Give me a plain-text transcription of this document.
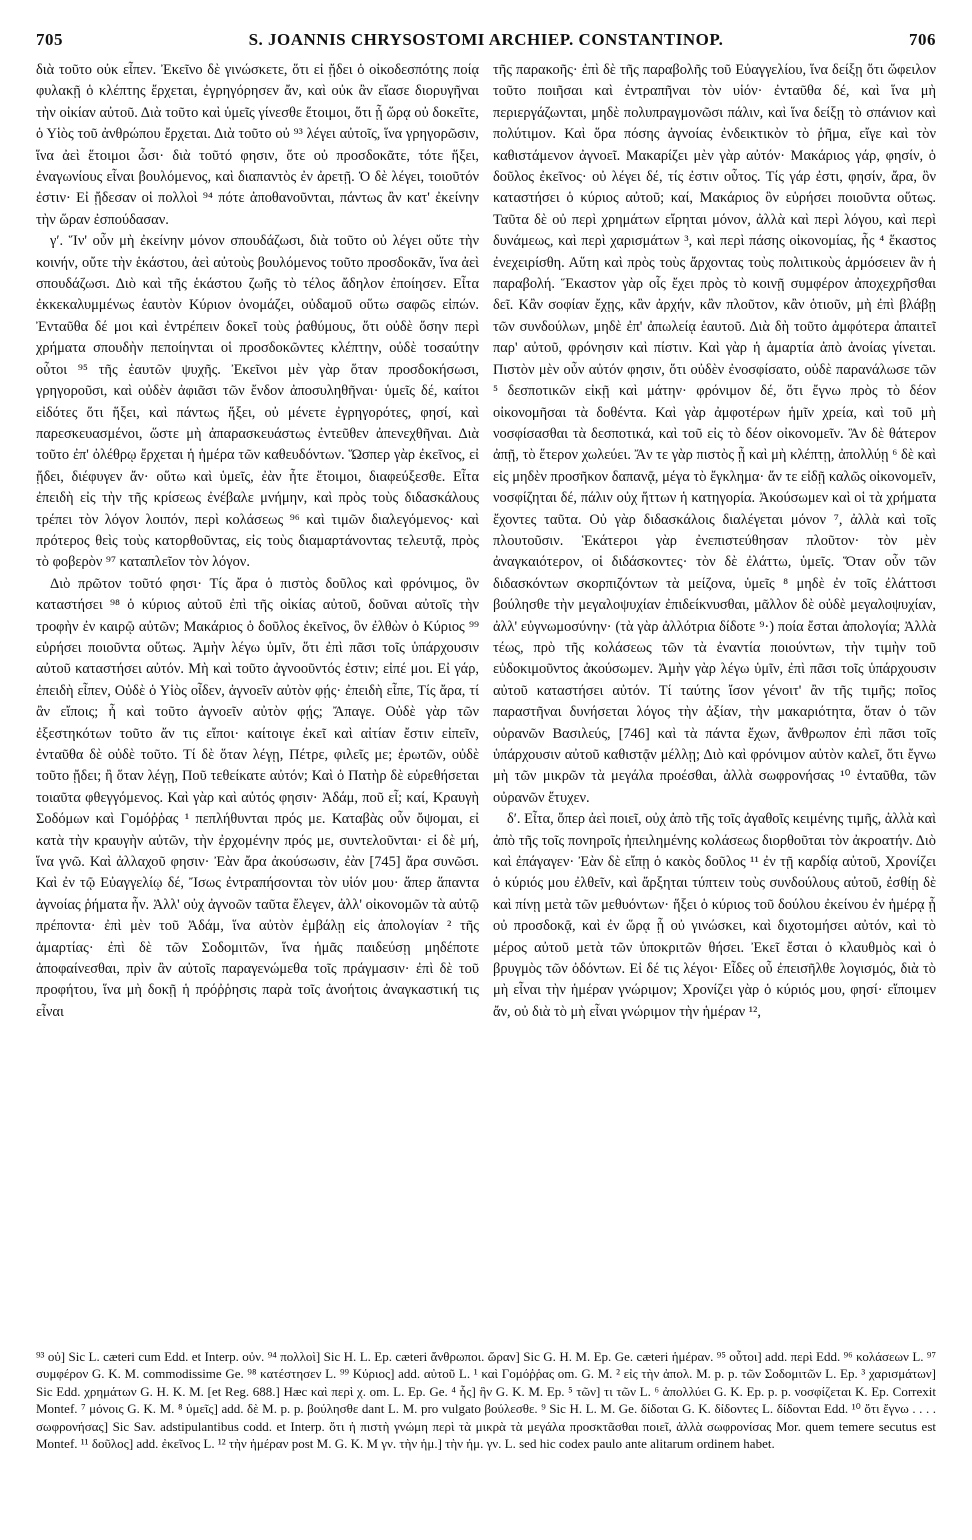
705	S. JOANNIS CHRYSOSTOMI ARCHIEP. CONSTANTINOP.	706

διὰ τοῦτο οὐκ εἶπεν. Ἐκεῖνο δὲ γινώσκετε, ὅτι εἰ ᾔδει ὁ οἰκοδεσπότης ποίᾳ φυλακῇ ὁ κλέπτης ἔρχεται, ἐγρηγόρησεν ἄν, καὶ οὐκ ἂν εἴασε διορυγῆναι τὴν οἰκίαν αὐτοῦ. Διὰ τοῦτο καὶ ὑμεῖς γίνεσθε ἕτοιμοι, ὅτι ᾗ ὥρᾳ οὐ δοκεῖτε, ὁ Υἱὸς τοῦ ἀνθρώπου ἔρχεται. Διὰ τοῦτο οὐ ⁹³ λέγει αὐτοῖς, ἵνα γρηγορῶσιν, ἵνα ἀεὶ ἕτοιμοι ὦσι· διὰ τοῦτό φησιν, ὅτε οὐ προσδοκᾶτε, τότε ἥξει, ἐναγωνίους εἶναι βουλόμενος, καὶ διαπαντὸς ἐν ἀρετῇ. Ὁ δὲ λέγει, τοιοῦτόν ἐστιν· Εἰ ᾔδεσαν οἱ πολλοὶ ⁹⁴ πότε ἀποθανοῦνται, πάντως ἂν κατ' ἐκείνην τὴν ὥραν ἐσπούδασαν.

γʹ. Ἵν' οὖν μὴ ἐκείνην μόνον σπουδάζωσι, διὰ τοῦτο οὐ λέγει οὔτε τὴν κοινήν, οὔτε τὴν ἑκάστου, ἀεὶ αὐτοὺς βουλόμενος τοῦτο προσδοκᾶν, ἵνα ἀεὶ σπουδάζωσι. Διὸ καὶ τῆς ἑκάστου ζωῆς τὸ τέλος ἄδηλον ἐποίησεν. Εἶτα ἐκκεκαλυμμένως ἑαυτὸν Κύριον ὀνομάζει, οὐδαμοῦ οὕτω σαφῶς εἰπών. Ἐνταῦθα δέ μοι καὶ ἐντρέπειν δοκεῖ τοὺς ῥαθύμους, ὅτι οὐδὲ ὅσην περὶ χρήματα σπουδὴν πεποίηνται οἱ προσδοκῶντες κλέπτην, οὐδὲ τοσαύτην οὗτοι ⁹⁵ τῆς ἑαυτῶν ψυχῆς. Ἐκεῖνοι μὲν γὰρ ὅταν προσδοκήσωσι, γρηγοροῦσι, καὶ οὐδὲν ἀφιᾶσι τῶν ἔνδον ἀποσυληθῆναι· ὑμεῖς δέ, καίτοι εἰδότες ὅτι ἥξει, καὶ πάντως ἥξει, οὐ μένετε ἐγρηγορότες, φησί, καὶ παρεσκευασμένοι, ὥστε μὴ ἀπαρασκευάστως ἐντεῦθεν ἀπενεχθῆναι. Διὰ τοῦτο ἐπ' ὀλέθρῳ ἔρχεται ἡ ἡμέρα τῶν καθευδόντων. Ὥσπερ γὰρ ἐκεῖνος, εἰ ᾔδει, διέφυγεν ἄν· οὕτω καὶ ὑμεῖς, ἐὰν ἦτε ἕτοιμοι, διαφεύξεσθε. Εἶτα ἐπειδὴ εἰς τὴν τῆς κρίσεως ἐνέβαλε μνήμην, καὶ πρὸς τοὺς διδασκάλους τρέπει τὸν λόγον λοιπόν, περὶ κολάσεως ⁹⁶ καὶ τιμῶν διαλεγόμενος· καὶ πρότερος θεὶς τοὺς κατορθοῦντας, εἰς τοὺς διαμαρτάνοντας τελευτᾷ, πρὸς τὸ φοβερὸν ⁹⁷ καταπλεῖον τὸν λόγον.

Διὸ πρῶτον τοῦτό φησι· Τίς ἄρα ὁ πιστὸς δοῦλος καὶ φρόνιμος, ὃν καταστήσει ⁹⁸ ὁ κύριος αὐτοῦ ἐπὶ τῆς οἰκίας αὐτοῦ, δοῦναι αὐτοῖς τὴν τροφὴν ἐν καιρῷ αὐτῶν; Μακάριος ὁ δοῦλος ἐκεῖνος, ὃν ἐλθὼν ὁ Κύριος ⁹⁹ εὑρήσει ποιοῦντα οὕτως. Ἀμὴν λέγω ὑμῖν, ὅτι ἐπὶ πᾶσι τοῖς ὑπάρχουσιν αὐτοῦ καταστήσει αὐτόν. Μὴ καὶ τοῦτο ἀγνοοῦντός ἐστιν; εἰπέ μοι. Εἰ γάρ, ἐπειδὴ εἶπεν, Οὐδὲ ὁ Υἱὸς οἶδεν, ἀγνοεῖν αὐτὸν φῄς· ἐπειδὴ εἶπε, Τίς ἄρα, τί ἂν εἴποις; ἦ καὶ τοῦτο ἀγνοεῖν αὐτὸν φῄς; Ἄπαγε. Οὐδὲ γὰρ τῶν ἐξεστηκότων τοῦτο ἄν τις εἴποι· καίτοιγε ἐκεῖ καὶ αἰτίαν ἔστιν εἰπεῖν, ἐνταῦθα δὲ οὐδὲ τοῦτο. Τί δὲ ὅταν λέγῃ, Πέτρε, φιλεῖς με; ἐρωτῶν, οὐδὲ τοῦτο ᾔδει; ἢ ὅταν λέγῃ, Ποῦ τεθείκατε αὐτόν; Καὶ ὁ Πατὴρ δὲ εὑρεθήσεται τοιαῦτα φθεγγόμενος. Καὶ γὰρ καὶ αὐτός φησιν· Ἀδάμ, ποῦ εἶ; καί, Κραυγὴ Σοδόμων καὶ Γομόῤῥας ¹ πεπλήθυνται πρός με. Καταβὰς οὖν ὄψομαι, εἰ κατὰ τὴν κραυγὴν αὐτῶν, τὴν ἐρχομένην πρός με, συντελοῦνται· εἰ δὲ μή, ἵνα γνῶ. Καὶ ἀλλαχοῦ φησιν· Ἐὰν ἄρα ἀκούσωσιν, ἐὰν [745] ἄρα συνῶσι. Καὶ ἐν τῷ Εὐαγγελίῳ δέ, Ἴσως ἐντραπήσονται τὸν υἱόν μου· ἅπερ ἅπαντα ἀγνοίας ῥήματα ἦν. Ἀλλ' οὐχ ἀγνοῶν ταῦτα ἔλεγεν, ἀλλ' οἰκονομῶν τὰ αὐτῷ πρέποντα· ἐπὶ μὲν τοῦ Ἀδάμ, ἵνα αὐτὸν ἐμβάλῃ εἰς ἀπολογίαν ² τῆς ἁμαρτίας· ἐπὶ δὲ τῶν Σοδομιτῶν, ἵνα ἡμᾶς παιδεύσῃ μηδέποτε ἀποφαίνεσθαι, πρὶν ἂν αὐτοῖς παραγενώμεθα τοῖς πράγμασιν· ἐπὶ δὲ τοῦ προφήτου, ἵνα μὴ δοκῇ ἡ πρόῤῥησις παρὰ τοῖς ἀνοήτοις ἀναγκαστική τις εἶναι

τῆς παρακοῆς· ἐπὶ δὲ τῆς παραβολῆς τοῦ Εὐαγγελίου, ἵνα δείξῃ ὅτι ὤφειλον τοῦτο ποιῆσαι καὶ ἐντραπῆναι τὸν υἱόν· ἐνταῦθα δέ, καὶ ἵνα μὴ περιεργάζωνται, μηδὲ πολυπραγμονῶσι πάλιν, καὶ ἵνα δείξῃ τὸ σπάνιον καὶ πολύτιμον. Καὶ ὅρα πόσης ἀγνοίας ἐνδεικτικὸν τὸ ῥῆμα, εἴγε καὶ τὸν καθιστάμενον ἀγνοεῖ. Μακαρίζει μὲν γὰρ αὐτόν· Μακάριος γάρ, φησίν, ὁ δοῦλος ἐκεῖνος· οὐ λέγει δέ, τίς ἐστιν οὗτος. Τίς γάρ ἐστι, φησίν, ἄρα, ὃν καταστήσει ὁ κύριος αὐτοῦ; καί, Μακάριος ὃν εὑρήσει ποιοῦντα οὕτως. Ταῦτα δὲ οὐ περὶ χρημάτων εἴρηται μόνον, ἀλλὰ καὶ περὶ λόγου, καὶ περὶ δυνάμεως, καὶ περὶ χαρισμάτων ³, καὶ περὶ πάσης οἰκονομίας, ἧς ⁴ ἕκαστος ἐνεχειρίσθη. Αὕτη καὶ πρὸς τοὺς ἄρχοντας τοὺς πολιτικοὺς ἁρμόσειεν ἂν ἡ παραβολή. Ἕκαστον γὰρ οἷς ἔχει πρὸς τὸ κοινῇ συμφέρον ἀποχεχρῆσθαι δεῖ. Κἂν σοφίαν ἔχῃς, κἂν ἀρχήν, κἂν πλοῦτον, κἂν ὁτιοῦν, μὴ ἐπὶ βλάβῃ τῶν συνδούλων, μηδὲ ἐπ' ἀπωλείᾳ ἑαυτοῦ. Διὰ δὴ τοῦτο ἀμφότερα ἀπαιτεῖ παρ' αὐτοῦ, φρόνησιν καὶ πίστιν. Καὶ γὰρ ἡ ἁμαρτία ἀπὸ ἀνοίας γίνεται. Πιστὸν μὲν οὖν αὐτόν φησιν, ὅτι οὐδὲν ἐνοσφίσατο, οὐδὲ παρανάλωσε τῶν ⁵ δεσποτικῶν εἰκῇ καὶ μάτην· φρόνιμον δέ, ὅτι ἔγνω πρὸς τὸ δέον οἰκονομῆσαι τὰ δοθέντα. Καὶ γὰρ ἀμφοτέρων ἡμῖν χρεία, καὶ τοῦ μὴ νοσφίσασθαι τὰ δεσποτικά, καὶ τοῦ εἰς τὸ δέον οἰκονομεῖν. Ἂν δὲ θάτερον ἀπῇ, τὸ ἕτερον χωλεύει. Ἄν τε γὰρ πιστὸς ᾖ καὶ μὴ κλέπτῃ, ἀπολλύῃ ⁶ δὲ καὶ εἰς μηδὲν προσῆκον δαπανᾷ, μέγα τὸ ἔγκλημα· ἄν τε εἰδῇ καλῶς οἰκονομεῖν, νοσφίζηται δέ, πάλιν οὐχ ἥττων ἡ κατηγορία. Ἀκούσωμεν καὶ οἱ τὰ χρήματα ἔχοντες ταῦτα. Οὐ γὰρ διδασκάλοις διαλέγεται μόνον ⁷, ἀλλὰ καὶ τοῖς πλουτοῦσιν. Ἑκάτεροι γὰρ ἐνεπιστεύθησαν πλοῦτον· τὸν μὲν ἀναγκαιότερον, οἱ διδάσκοντες· τὸν δὲ ἐλάττω, ὑμεῖς. Ὅταν οὖν τῶν διδασκόντων σκορπιζόντων τὰ μείζονα, ὑμεῖς ⁸ μηδὲ ἐν τοῖς ἐλάττοσι βούλησθε τὴν μεγαλοψυχίαν ἐπιδείκνυσθαι, μᾶλλον δὲ οὐδὲ μεγαλοψυχίαν, ἀλλ' εὐγνωμοσύνην· (τὰ γὰρ ἀλλότρια δίδοτε ⁹·) ποία ἔσται ἀπολογία; Ἀλλὰ τέως, πρὸ τῆς κολάσεως τῶν τὰ ἐναντία ποιούντων, τὴν τιμὴν τοῦ εὐδοκιμοῦντος ἀκούσωμεν. Ἀμὴν γὰρ λέγω ὑμῖν, ἐπὶ πᾶσι τοῖς ὑπάρχουσιν αὐτοῦ καταστήσει αὐτόν. Τί ταύτης ἴσον γένοιτ' ἂν τῆς τιμῆς; ποῖος παραστῆναι δυνήσεται λόγος τὴν ἀξίαν, τὴν μακαριότητα, ὅταν ὁ τῶν οὐρανῶν Βασιλεύς, [746] καὶ τὰ πάντα ἔχων, ἄνθρωπον ἐπὶ πᾶσι τοῖς ὑπάρχουσιν αὐτοῦ καθιστᾷν μέλλῃ; Διὸ καὶ φρόνιμον αὐτὸν καλεῖ, ὅτι ἔγνω μὴ τῶν μικρῶν τὰ μεγάλα προέσθαι, ἀλλὰ σωφρονήσας ¹⁰ ἐνταῦθα, τῶν οὐρανῶν ἔτυχεν.

δʹ. Εἶτα, ὅπερ ἀεὶ ποιεῖ, οὐχ ἀπὸ τῆς τοῖς ἀγαθοῖς κειμένης τιμῆς, ἀλλὰ καὶ ἀπὸ τῆς τοῖς πονηροῖς ἠπειλημένης κολάσεως διορθοῦται τὸν ἀκροατήν. Διὸ καὶ ἐπάγαγεν· Ἐὰν δὲ εἴπῃ ὁ κακὸς δοῦλος ¹¹ ἐν τῇ καρδίᾳ αὐτοῦ, Χρονίζει ὁ κύριός μου ἐλθεῖν, καὶ ἄρξηται τύπτειν τοὺς συνδούλους αὐτοῦ, ἐσθίῃ δὲ καὶ πίνῃ μετὰ τῶν μεθυόντων· ἥξει ὁ κύριος τοῦ δούλου ἐκείνου ἐν ἡμέρᾳ ᾗ οὐ προσδοκᾷ, καὶ ἐν ὥρᾳ ᾗ οὐ γινώσκει, καὶ διχοτομήσει αὐτόν, καὶ τὸ μέρος αὐτοῦ μετὰ τῶν ὑποκριτῶν θήσει. Ἐκεῖ ἔσται ὁ κλαυθμὸς καὶ ὁ βρυγμὸς τῶν ὀδόντων. Εἰ δέ τις λέγοι· Εἶδες οὗ ἐπεισῆλθε λογισμός, διὰ τὸ μὴ εἶναι τὴν ἡμέραν γνώριμον; Χρονίζει γὰρ ὁ κύριός μου, φησί· εἴποιμεν ἄν, οὐ διὰ τὸ μὴ εἶναι γνώριμον τὴν ἡμέραν ¹²,

⁹³ οὐ] Sic L. cæteri cum Edd. et Interp. οὐν. ⁹⁴ πολλοὶ] Sic H. L. Ep. cæteri ἄνθρωποι. ὥραν] Sic G. H. M. Ep. Ge. cæteri ἡμέραν. ⁹⁵ οὗτοι] add. περὶ Edd. ⁹⁶ κολάσεων L. ⁹⁷ συμφέρον G. K. M. commodissime Ge. ⁹⁸ κατέστησεν L. ⁹⁹ Κύριος] add. αὐτοῦ L. ¹ καὶ Γομόῤῥας om. G. M. ² εἰς τὴν ἀπολ. M. p. p. τῶν Σοδομιτῶν L. Ep. ³ χαρισμάτων] Sic Edd. χρημάτων G. H. K. M. [et Reg. 688.] Hæc καὶ περὶ χ. om. L. Ep. Ge. ⁴ ἧς] ἣν G. K. M. Ep. ⁵ τῶν] τι τῶν L. ⁶ ἀπολλύει G. K. Ep. p. p. νοσφίζεται K. Ep. Correxit Montef. ⁷ μόνοις G. K. M. ⁸ ὑμεῖς] add. δὲ M. p. p. βούλησθε dant L. M. pro vulgato βούλεσθε. ⁹ Sic H. L. M. Ge. δίδοται G. K. δίδοντες L. δίδονται Edd. ¹⁰ ὅτι ἔγνω . . . . σωφρονήσας] Sic Sav. adstipulantibus codd. et Interp. ὅτι ἡ πιστὴ γνώμη περὶ τὰ μικρὰ τὰ μεγάλα προσκτᾶσθαι ποιεῖ, ἀλλὰ σωφρονίσας Mor. quem temere secutus est Montef. ¹¹ δοῦλος] add. ἐκεῖνος L. ¹² τὴν ἡμέραν post M. G. K. M γν. τὴν ἡμ.] τὴν ἡμ. γν. L. sed hic codex paulo ante alitarum ordinem habet.
